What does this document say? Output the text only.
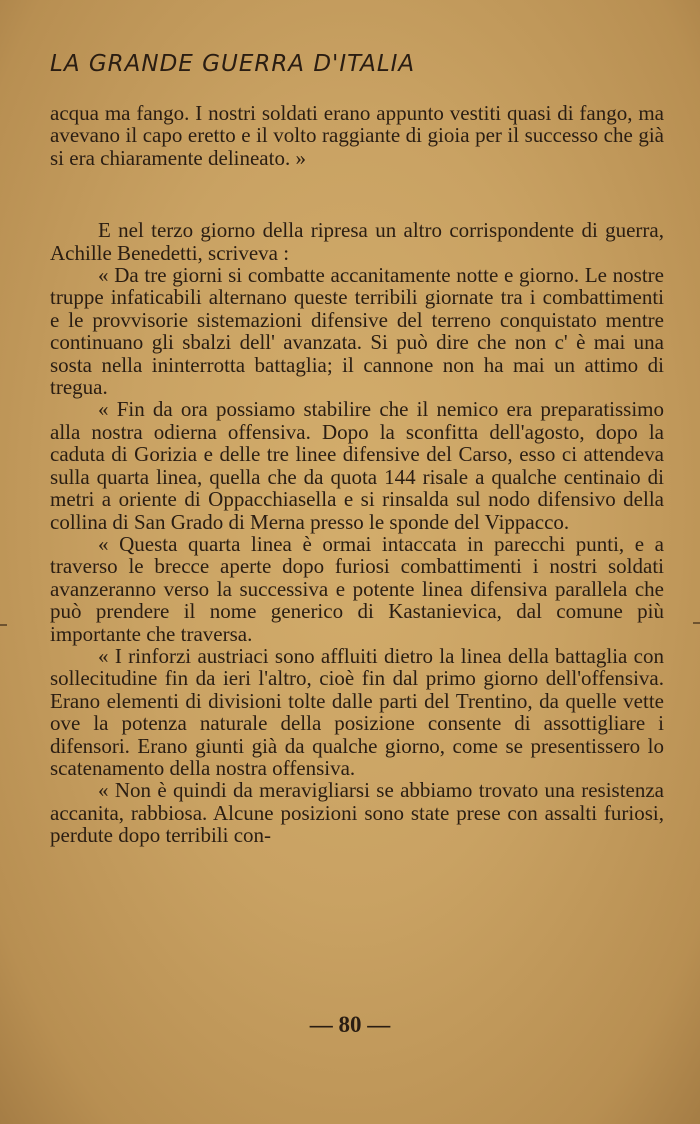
LA GRANDE GUERRA D'ITALIA

acqua ma fango. I nostri soldati erano appunto vestiti quasi di fango, ma avevano il capo eretto e il volto raggiante di gioia per il successo che già si era chiaramente delineato. »

E nel terzo giorno della ripresa un altro corrispondente di guerra, Achille Benedetti, scriveva :

« Da tre giorni si combatte accanitamente notte e giorno. Le nostre truppe infaticabili alternano queste terribili giornate tra i combattimenti e le provvisorie sistemazioni difensive del terreno conquistato mentre continuano gli sbalzi dell' avanzata. Si può dire che non c' è mai una sosta nella ininterrotta battaglia; il cannone non ha mai un attimo di tregua.

« Fin da ora possiamo stabilire che il nemico era preparatissimo alla nostra odierna offensiva. Dopo la sconfitta dell'agosto, dopo la caduta di Gorizia e delle tre linee difensive del Carso, esso ci attendeva sulla quarta linea, quella che da quota 144 risale a qualche centinaio di metri a oriente di Oppacchiasella e si rinsalda sul nodo difensivo della collina di San Grado di Merna presso le sponde del Vippacco.

« Questa quarta linea è ormai intaccata in parecchi punti, e a traverso le brecce aperte dopo furiosi combattimenti i nostri soldati avanzeranno verso la successiva e potente linea difensiva parallela che può prendere il nome generico di Kastanievica, dal comune più importante che traversa.

« I rinforzi austriaci sono affluiti dietro la linea della battaglia con sollecitudine fin da ieri l'altro, cioè fin dal primo giorno dell'offensiva. Erano elementi di divisioni tolte dalle parti del Trentino, da quelle vette ove la potenza naturale della posizione consente di assottigliare i difensori. Erano giunti già da qualche giorno, come se presentissero lo scatenamento della nostra offensiva.

« Non è quindi da meravigliarsi se abbiamo trovato una resistenza accanita, rabbiosa. Alcune posizioni sono state prese con assalti furiosi, perdute dopo terribili con-

— 80 —
